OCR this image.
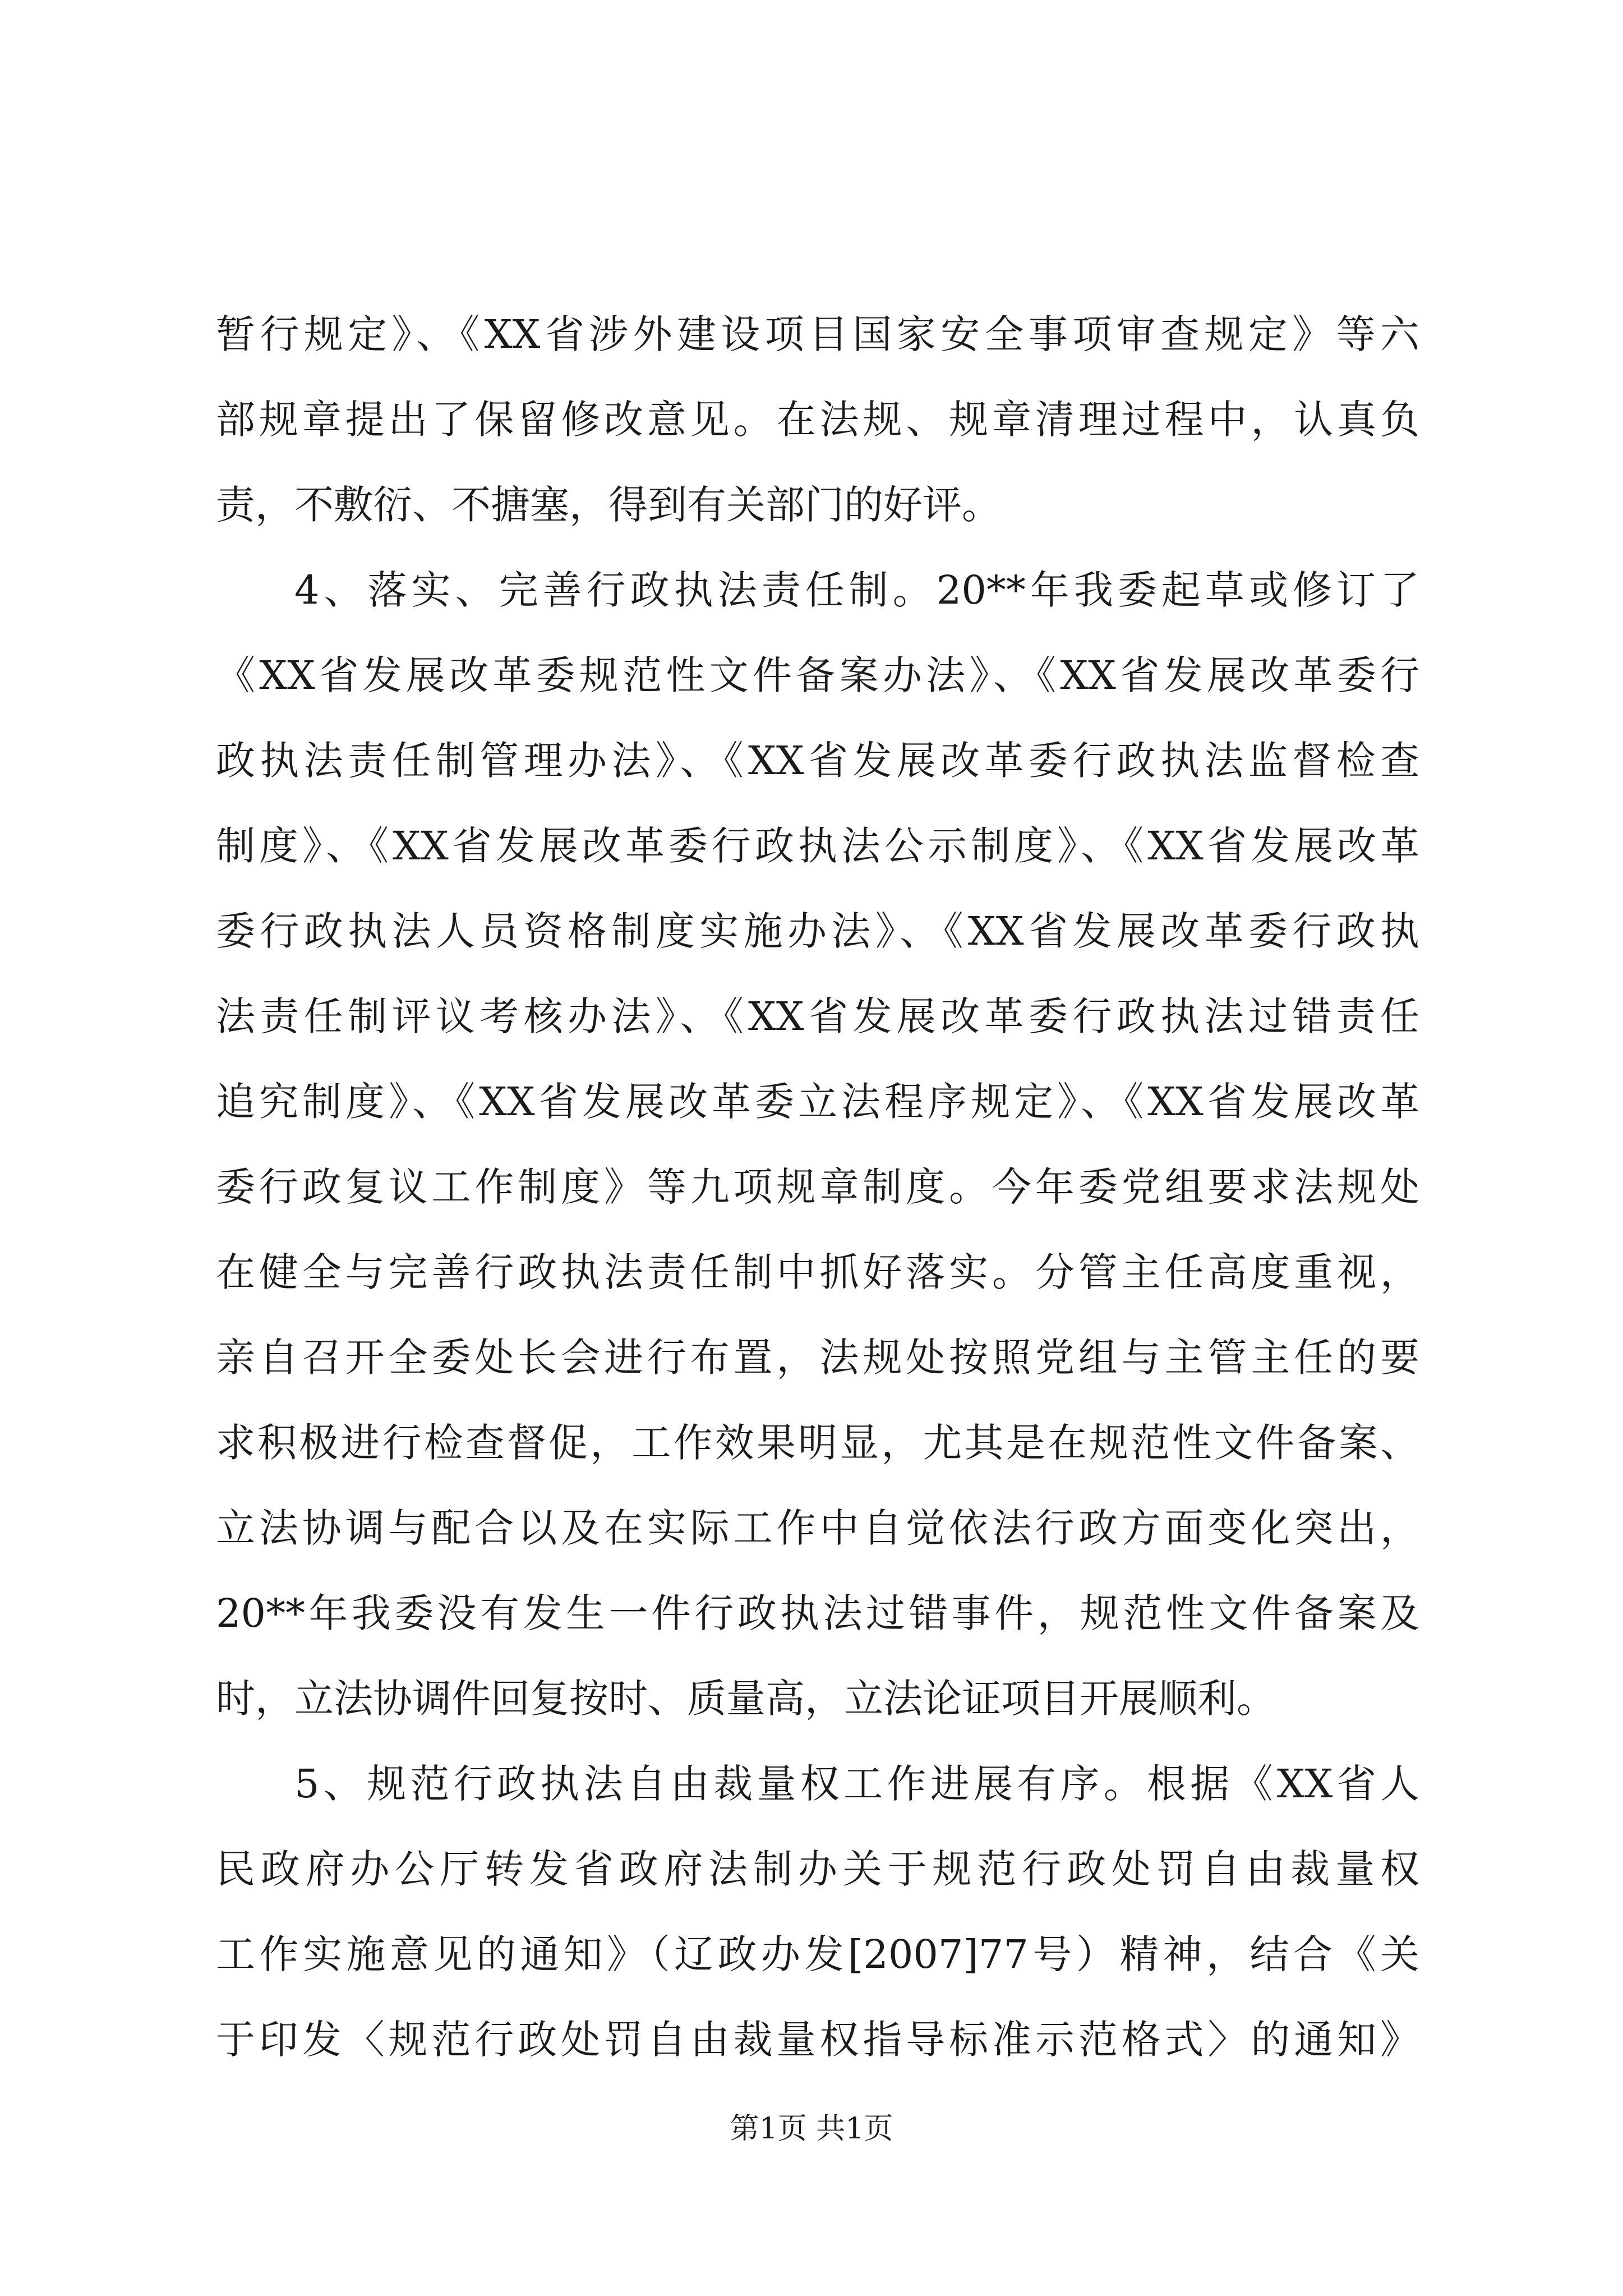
暂行规定》、《XX省涉外建设项目国家安全事项审查规定》等六
部规章提出了保留修改意见。在法规、规章清理过程中，认真负
责，不敷衍、不搪塞，得到有关部门的好评。
4、落实、完善行政执法责任制。20**年我委起草或修订了
《XX省发展改革委规范性文件备案办法》、《XX省发展改革委行
政执法责任制管理办法》、《XX省发展改革委行政执法监督检查
制度》、《XX省发展改革委行政执法公示制度》、《XX省发展改革
委行政执法人员资格制度实施办法》、《XX省发展改革委行政执
法责任制评议考核办法》、《XX省发展改革委行政执法过错责任
追究制度》、《XX省发展改革委立法程序规定》、《XX省发展改革
委行政复议工作制度》等九项规章制度。今年委党组要求法规处
在健全与完善行政执法责任制中抓好落实。分管主任高度重视，
亲自召开全委处长会进行布置，法规处按照党组与主管主任的要
求积极进行检查督促，工作效果明显，尤其是在规范性文件备案、
立法协调与配合以及在实际工作中自觉依法行政方面变化突出，
20**年我委没有发生一件行政执法过错事件，规范性文件备案及
时，立法协调件回复按时、质量高，立法论证项目开展顺利。
5、规范行政执法自由裁量权工作进展有序。根据《XX省人
民政府办公厅转发省政府法制办关于规范行政处罚自由裁量权
工作实施意见的通知》（辽政办发[2007]77号）精神，结合《关
于印发〈规范行政处罚自由裁量权指导标准示范格式〉的通知》
第1页 共1页
